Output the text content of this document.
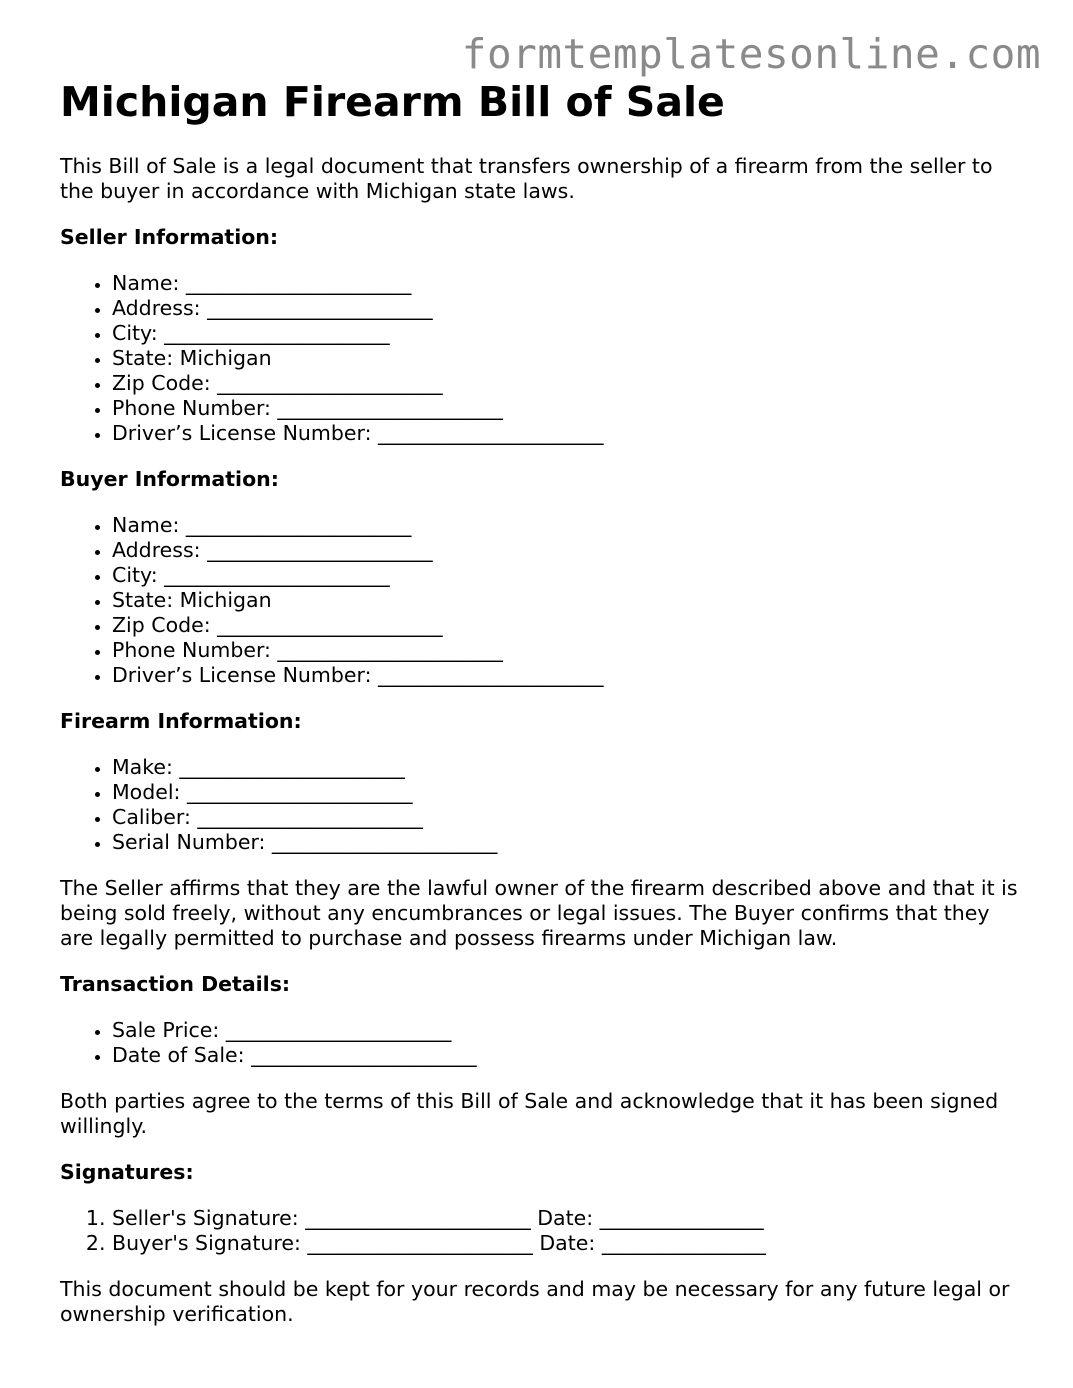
formtemplatesonline.com
Michigan Firearm Bill of Sale

This Bill of Sale is a legal document that transfers ownership of a firearm from the seller to the buyer in accordance with Michigan state laws.

Seller Information:
• Name: ______________________
• Address: ______________________
• City: ______________________
• State: Michigan
• Zip Code: ______________________
• Phone Number: ______________________
• Driver’s License Number: ______________________
Buyer Information:
• Name: ______________________
• Address: ______________________
• City: ______________________
• State: Michigan
• Zip Code: ______________________
• Phone Number: ______________________
• Driver’s License Number: ______________________
Firearm Information:
• Make: ______________________
• Model: ______________________
• Caliber: ______________________
• Serial Number: ______________________

The Seller affirms that they are the lawful owner of the firearm described above and that it is being sold freely, without any encumbrances or legal issues. The Buyer confirms that they are legally permitted to purchase and possess firearms under Michigan law.

Transaction Details:
• Sale Price: ______________________
• Date of Sale: ______________________

Both parties agree to the terms of this Bill of Sale and acknowledge that it has been signed willingly.

Signatures:
1. Seller's Signature: ______________________ Date: ________________
2. Buyer's Signature: ______________________ Date: ________________

This document should be kept for your records and may be necessary for any future legal or ownership verification.
